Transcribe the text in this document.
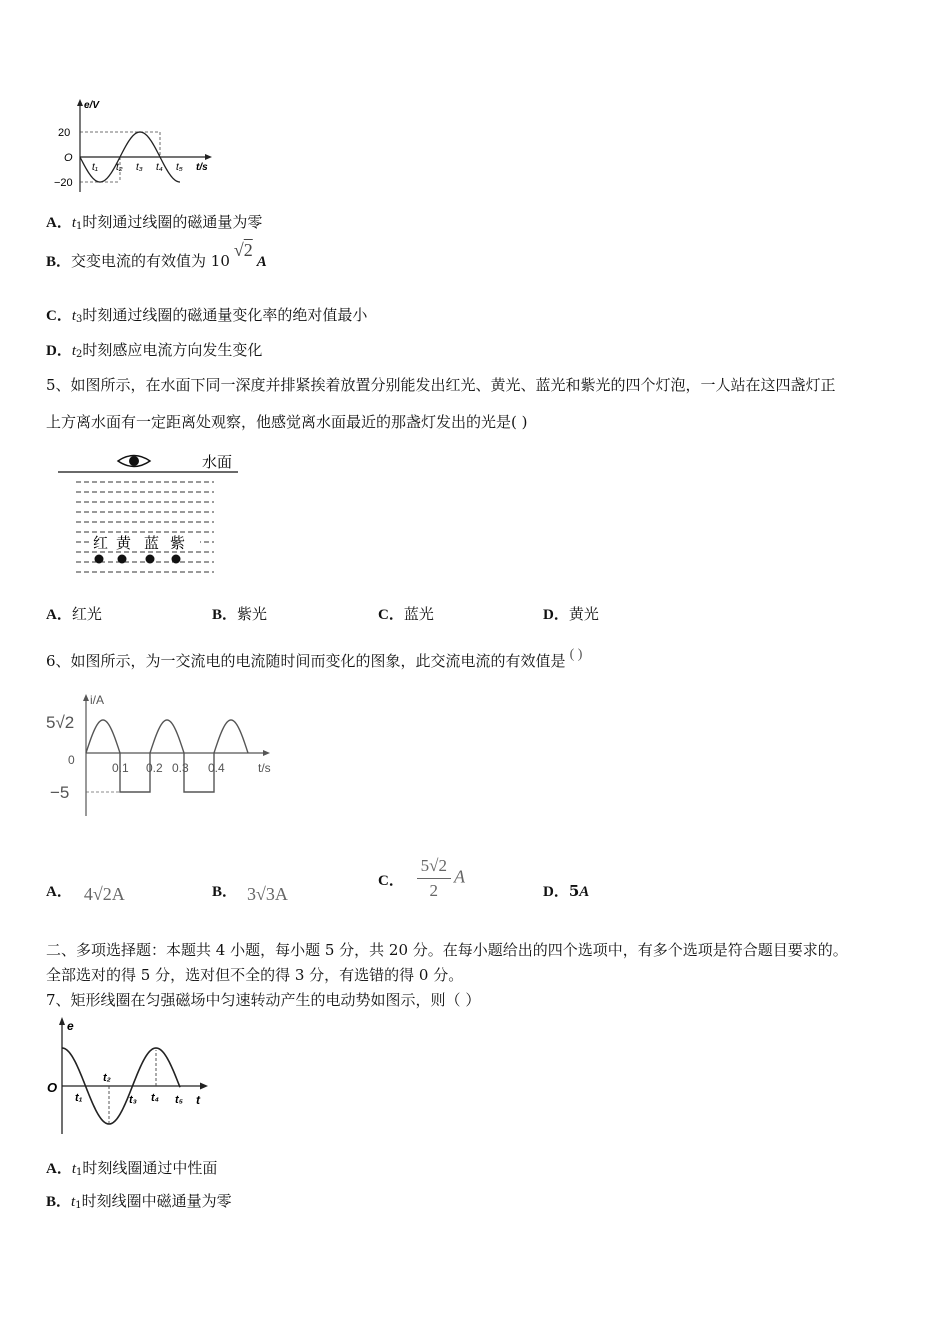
e/V
t/s
20
O
−20
t₁ t₂ t₃ t₄ t₅
A．$t_1$时刻通过线圈的磁通量为零
B．交变电流的有效值为 10√2A
C．$t_3$时刻通过线圈的磁通量变化率的绝对值最小
D．$t_2$时刻感应电流方向发生变化
5、如图所示，在水面下同一深度并排紧挨着放置分别能发出红光、黄光、蓝光和紫光的四个灯泡，一人站在这四盏灯正
上方离水面有一定距离处观察，他感觉离水面最近的那盏灯发出的光是( )
水面
红 黄 蓝 紫
A．红光	B．紫光	C．蓝光	D．黄光
6、如图所示，为一交流电的电流随时间而变化的图象，此交流电流的有效值是 ( )
i/A
t/s
5√2
0
−5
0.1 0.2 0.3 0.4
A． 4√2A	B． 3√3A
C． $\frac{5√2}{2}$ A
D．5A
二、多项选择题：本题共 4 小题，每小题 5 分，共 20 分。在每小题给出的四个选项中，有多个选项是符合题目要求的。
全部选对的得 5 分，选对但不全的得 3 分，有选错的得 0 分。
7、矩形线圈在匀强磁场中匀速转动产生的电动势如图示，则（ ）
e
t
O
t₁
t₂
t₃ t₄ t₅
A．$t_1$时刻线圈通过中性面
B．$t_1$时刻线圈中磁通量为零
